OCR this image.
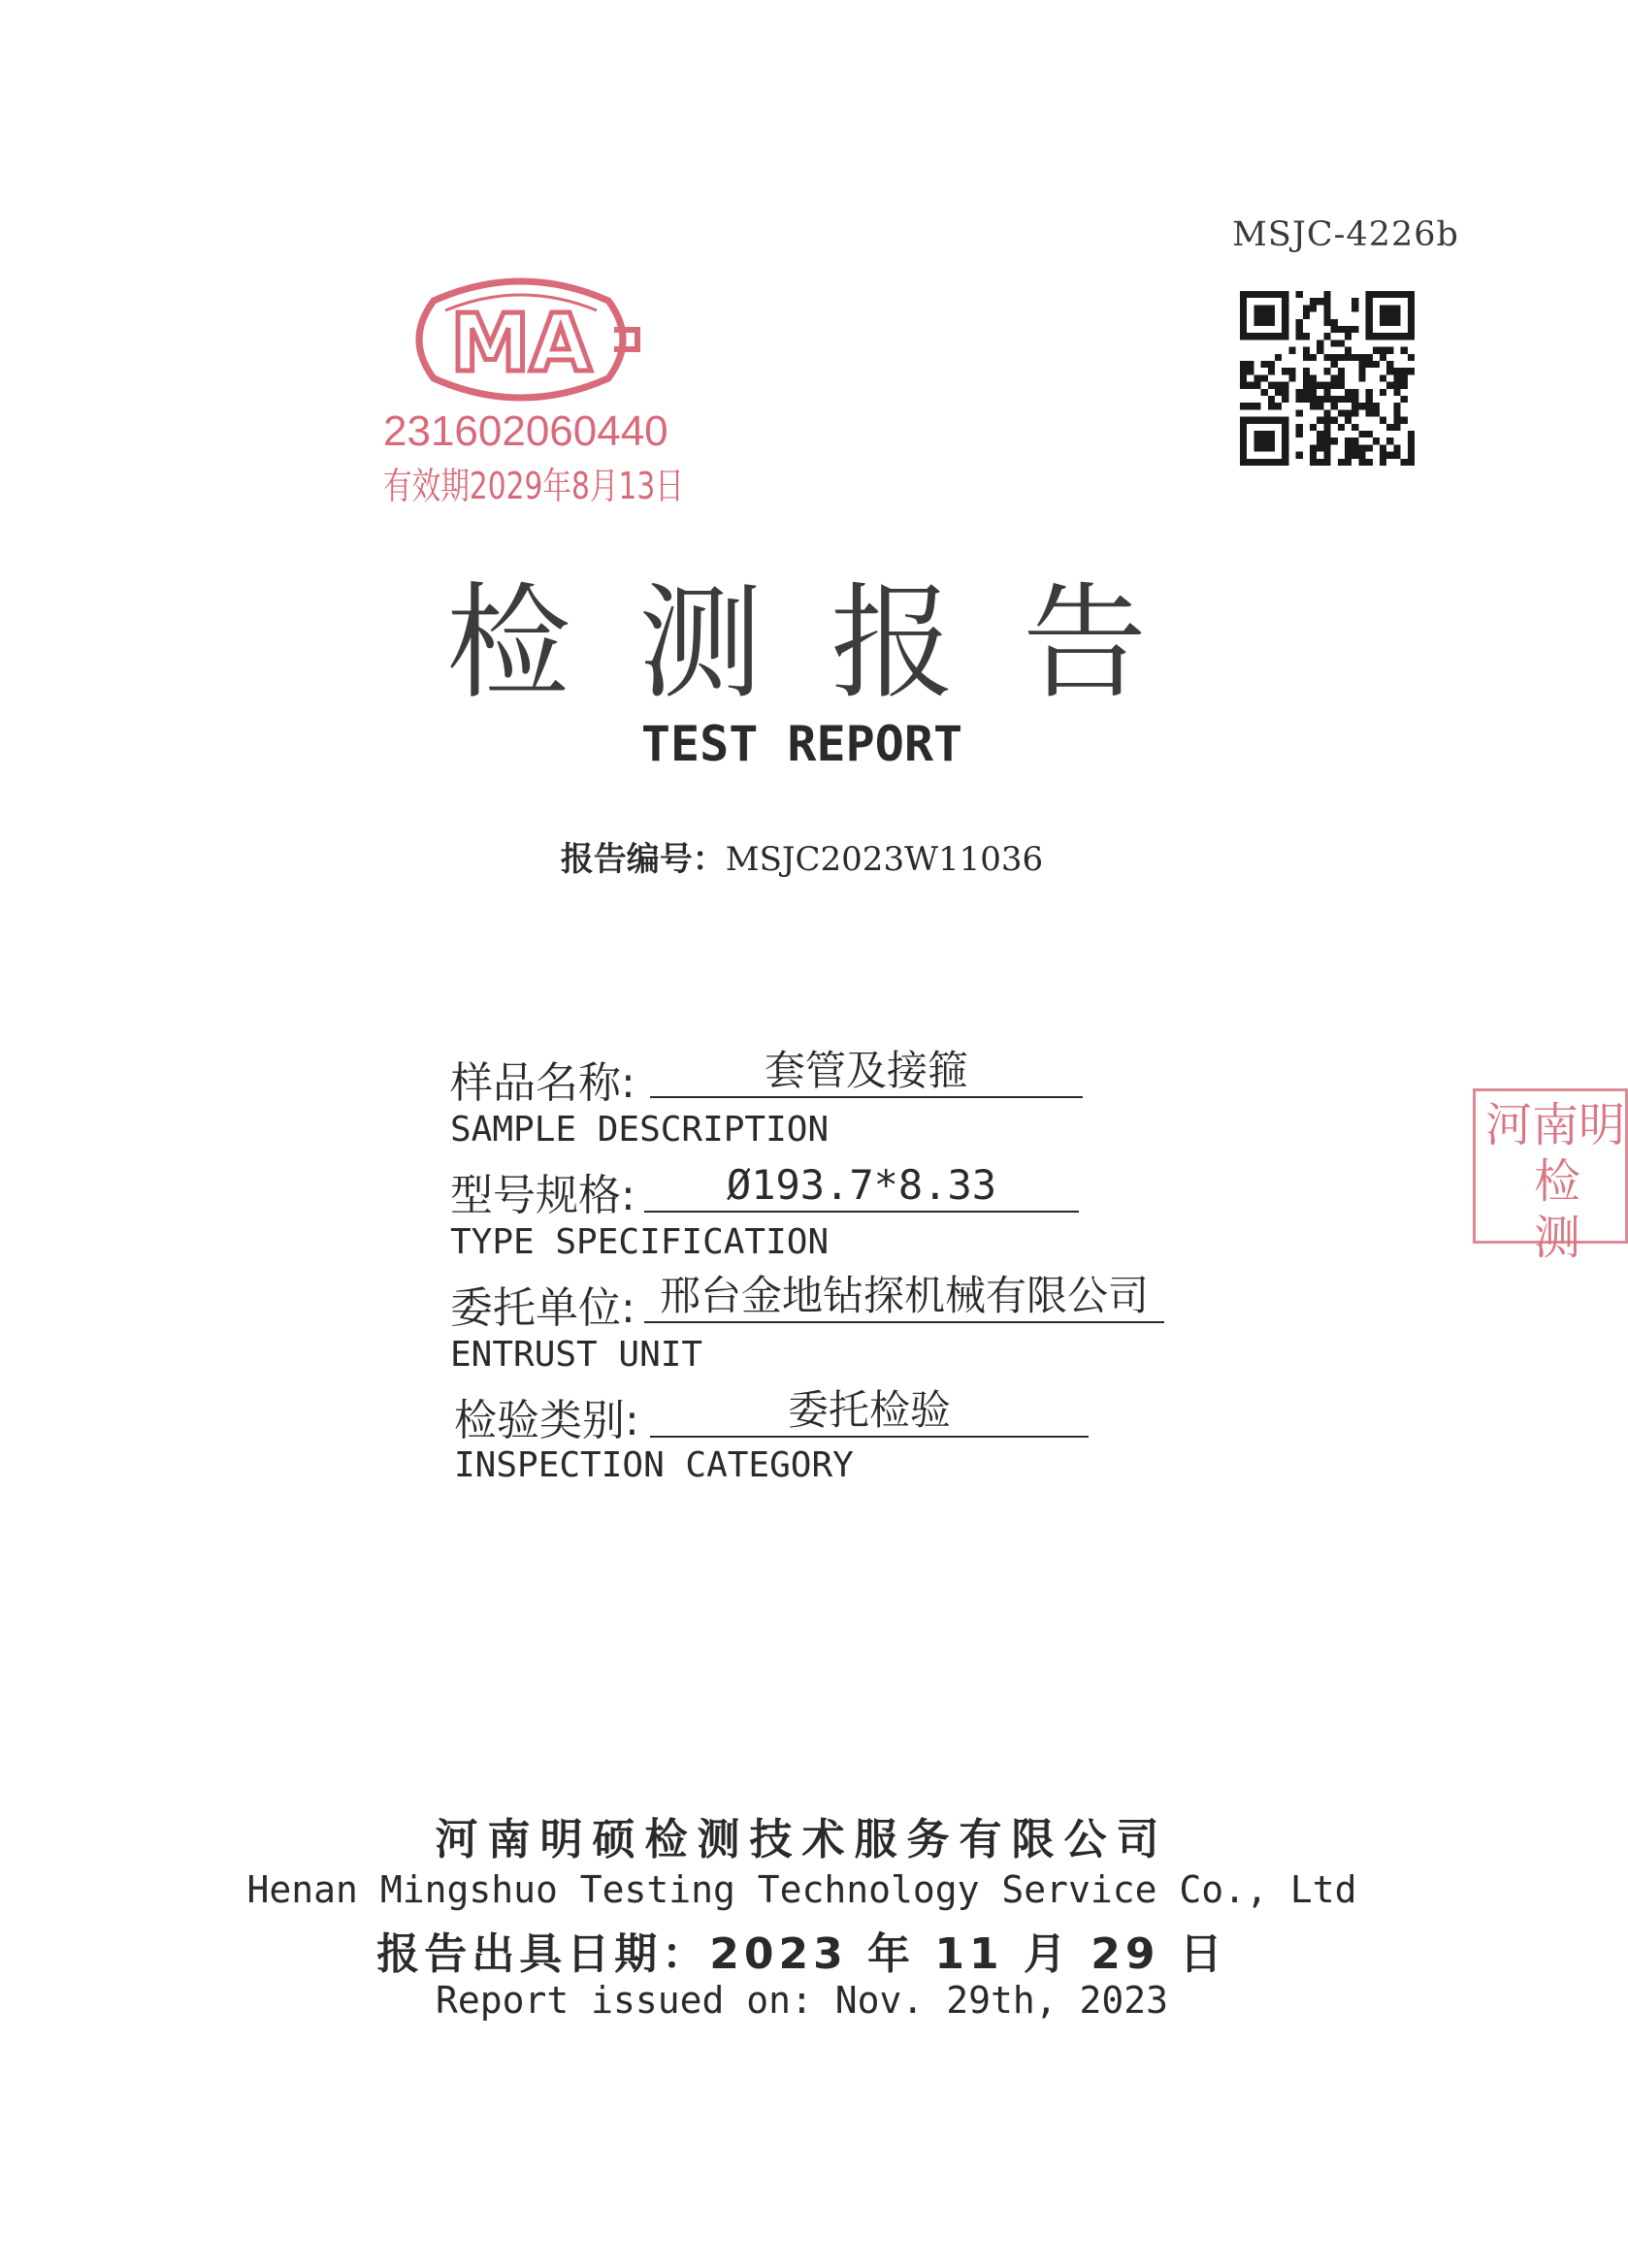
MSJC-4226b
MA
231602060440
有效期2029年8月13日
检测报告
TEST REPORT
报告编号：MSJC2023W11036
样品名称:	套管及接箍
SAMPLE DESCRIPTION
型号规格:	Ø193.7*8.33
TYPE SPECIFICATION
委托单位: 邢台金地钻探机械有限公司
ENTRUST UNIT
检验类别:	委托检验
INSPECTION CATEGORY
河南明
检测
河南明硕检测技术服务有限公司
Henan Mingshuo Testing Technology Service Co., Ltd
报告出具日期：2023 年 11 月 29 日
Report issued on: Nov. 29th, 2023
